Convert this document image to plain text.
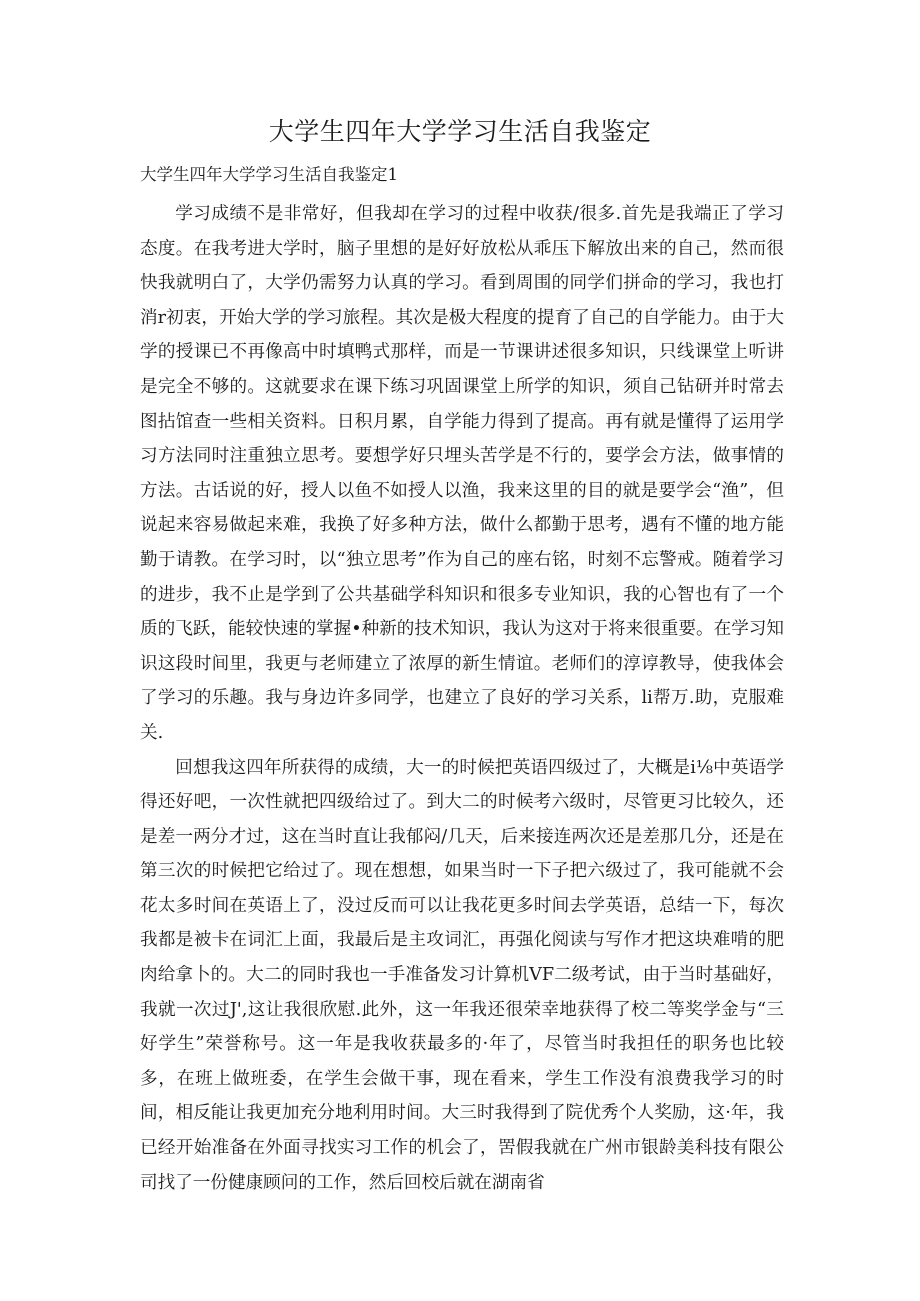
大学生四年大学学习生活自我鉴定

大学生四年大学学习生活自我鉴定1

学习成绩不是非常好，但我却在学习的过程中收获/很多.首先是我端正了学习态度。在我考进大学时，脑子里想的是好好放松从乖压下解放出来的自己，然而很快我就明白了，大学仍需努力认真的学习。看到周围的同学们拼命的学习，我也打消r初衷，开始大学的学习旅程。其次是极大程度的提育了自己的自学能力。由于大学的授课已不再像高中时填鸭式那样，而是一节课讲述很多知识，只线课堂上听讲是完全不够的。这就要求在课下练习巩固课堂上所学的知识，须自己钻研并时常去图拈馆查一些相关资料。日积月累，自学能力得到了提高。再有就是懂得了运用学习方法同时注重独立思考。要想学好只埋头苦学是不行的，要学会方法，做事情的方法。古话说的好，授人以鱼不如授人以渔，我来这里的目的就是要学会“渔”，但说起来容易做起来难，我换了好多种方法，做什么都勤于思考，遇有不懂的地方能勤于请教。在学习时，以“独立思考”作为自己的座右铭，时刻不忘警戒。随着学习的进步，我不止是学到了公共基础学科知识和很多专业知识，我的心智也有了一个质的飞跃，能较快速的掌握•种新的技术知识，我认为这对于将来很重要。在学习知识这段时间里，我更与老师建立了浓厚的新生情谊。老师们的淳谆教导，使我体会了学习的乐趣。我与身边许多同学，也建立了良好的学习关系，li帮万.助，克服难关.

回想我这四年所获得的成绩，大一的时候把英语四级过了，大概是i⅛中英语学得还好吧，一次性就把四级给过了。到大二的时候考六级时，尽管更习比较久，还是差一两分才过，这在当时直让我郁闷/几天，后来接连两次还是差那几分，还是在第三次的时候把它给过了。现在想想，如果当时一下子把六级过了，我可能就不会花太多时间在英语上了，没过反而可以让我花更多时间去学英语，总结一下，每次我都是被卡在词汇上面，我最后是主攻词汇，再强化阅读与写作才把这块难啃的肥肉给拿卜的。大二的同时我也一手准备发习计算机VF二级考试，由于当时基础好，我就一次过J',这让我很欣慰.此外，这一年我还很荣幸地获得了校二等奖学金与“三好学生”荣誉称号。这一年是我收获最多的·年了，尽管当时我担任的职务也比较多，在班上做班委，在学生会做干事，现在看来，学生工作没有浪费我学习的时间，相反能让我更加充分地利用时间。大三时我得到了院优秀个人奖励，这·年，我已经开始准备在外面寻找实习工作的机会了，罟假我就在广州市银龄美科技有限公司找了一份健康顾问的工作，然后回校后就在湖南省
